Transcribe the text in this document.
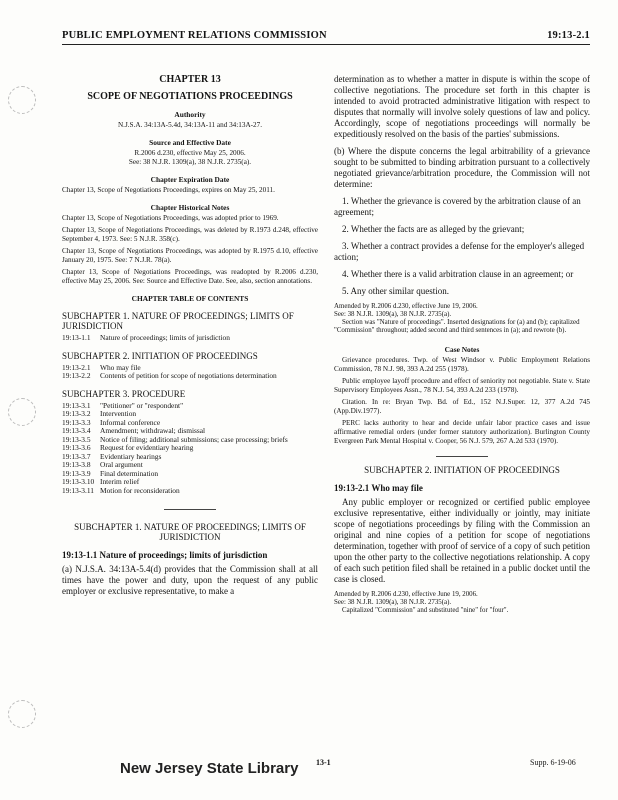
PUBLIC EMPLOYMENT RELATIONS COMMISSION	19:13-2.1
CHAPTER 13
SCOPE OF NEGOTIATIONS PROCEEDINGS
Authority

N.J.S.A. 34:13A-5.4d, 34:13A-11 and 34:13A-27.

Source and Effective Date

R.2006 d.230, effective May 25, 2006.

See: 38 N.J.R. 1309(a), 38 N.J.R. 2735(a).

Chapter Expiration Date

Chapter 13, Scope of Negotiations Proceedings, expires on May 25, 2011.

Chapter Historical Notes

Chapter 13, Scope of Negotiations Proceedings, was adopted prior to 1969.

Chapter 13, Scope of Negotiations Proceedings, was deleted by R.1973 d.248, effective September 4, 1973. See: 5 N.J.R. 358(c).

Chapter 13, Scope of Negotiations Proceedings, was adopted by R.1975 d.10, effective January 20, 1975. See: 7 N.J.R. 78(a).

Chapter 13, Scope of Negotiations Proceedings, was readopted by R.2006 d.230, effective May 25, 2006. See: Source and Effective Date. See, also, section annotations.

CHAPTER TABLE OF CONTENTS
SUBCHAPTER 1. NATURE OF PROCEEDINGS; LIMITS OF JURISDICTION
19:13-1.1	Nature of proceedings; limits of jurisdiction
SUBCHAPTER 2. INITIATION OF PROCEEDINGS
19:13-2.1	Who may file
19:13-2.2	Contents of petition for scope of negotiations determination
SUBCHAPTER 3. PROCEDURE
19:13-3.1	"Petitioner" or "respondent"
19:13-3.2	Intervention
19:13-3.3	Informal conference
19:13-3.4	Amendment; withdrawal; dismissal
19:13-3.5	Notice of filing; additional submissions; case processing; briefs
19:13-3.6	Request for evidentiary hearing
19:13-3.7	Evidentiary hearings
19:13-3.8	Oral argument
19:13-3.9	Final determination
19:13-3.10 Interim relief
19:13-3.11 Motion for reconsideration
SUBCHAPTER 1. NATURE OF PROCEEDINGS; LIMITS OF JURISDICTION
19:13-1.1 Nature of proceedings; limits of jurisdiction

(a) N.J.S.A. 34:13A-5.4(d) provides that the Commission shall at all times have the power and duty, upon the request of any public employer or exclusive representative, to make a

determination as to whether a matter in dispute is within the scope of collective negotiations. The procedure set forth in this chapter is intended to avoid protracted administrative litigation with respect to disputes that normally will involve solely questions of law and policy. Accordingly, scope of negotiations proceedings will normally be expeditiously resolved on the basis of the parties' submissions.

(b) Where the dispute concerns the legal arbitrability of a grievance sought to be submitted to binding arbitration pursuant to a collectively negotiated grievance/arbitration procedure, the Commission will not determine:

1. Whether the grievance is covered by the arbitration clause of an agreement;

2. Whether the facts are as alleged by the grievant;

3. Whether a contract provides a defense for the employer's alleged action;

4. Whether there is a valid arbitration clause in an agreement; or

5. Any other similar question.

Amended by R.2006 d.230, effective June 19, 2006.

See: 38 N.J.R. 1309(a), 38 N.J.R. 2735(a).

Section was "Nature of proceedings". Inserted designations for (a) and (b); capitalized "Commission" throughout; added second and third sentences in (a); and rewrote (b).

Case Notes

Grievance procedures. Twp. of West Windsor v. Public Employment Relations Commission, 78 N.J. 98, 393 A.2d 255 (1978).

Public employee layoff procedure and effect of seniority not negotiable. State v. State Supervisory Employees Assn., 78 N.J. 54, 393 A.2d 233 (1978).

Citation. In re: Bryan Twp. Bd. of Ed., 152 N.J.Super. 12, 377 A.2d 745 (App.Div.1977).

PERC lacks authority to hear and decide unfair labor practice cases and issue affirmative remedial orders (under former statutory authorization). Burlington County Evergreen Park Mental Hospital v. Cooper, 56 N.J. 579, 267 A.2d 533 (1970).

SUBCHAPTER 2. INITIATION OF PROCEEDINGS
19:13-2.1 Who may file

Any public employer or recognized or certified public employee exclusive representative, either individually or jointly, may initiate scope of negotiations proceedings by filing with the Commission an original and nine copies of a petition for scope of negotiations determination, together with proof of service of a copy of such petition upon the other party to the collective negotiations relationship. A copy of each such petition filed shall be retained in a public docket until the case is closed.

Amended by R.2006 d.230, effective June 19, 2006.

See: 38 N.J.R. 1309(a), 38 N.J.R. 2735(a).

Capitalized "Commission" and substituted "nine" for "four".

New Jersey State Library 13-1	Supp. 6-19-06
